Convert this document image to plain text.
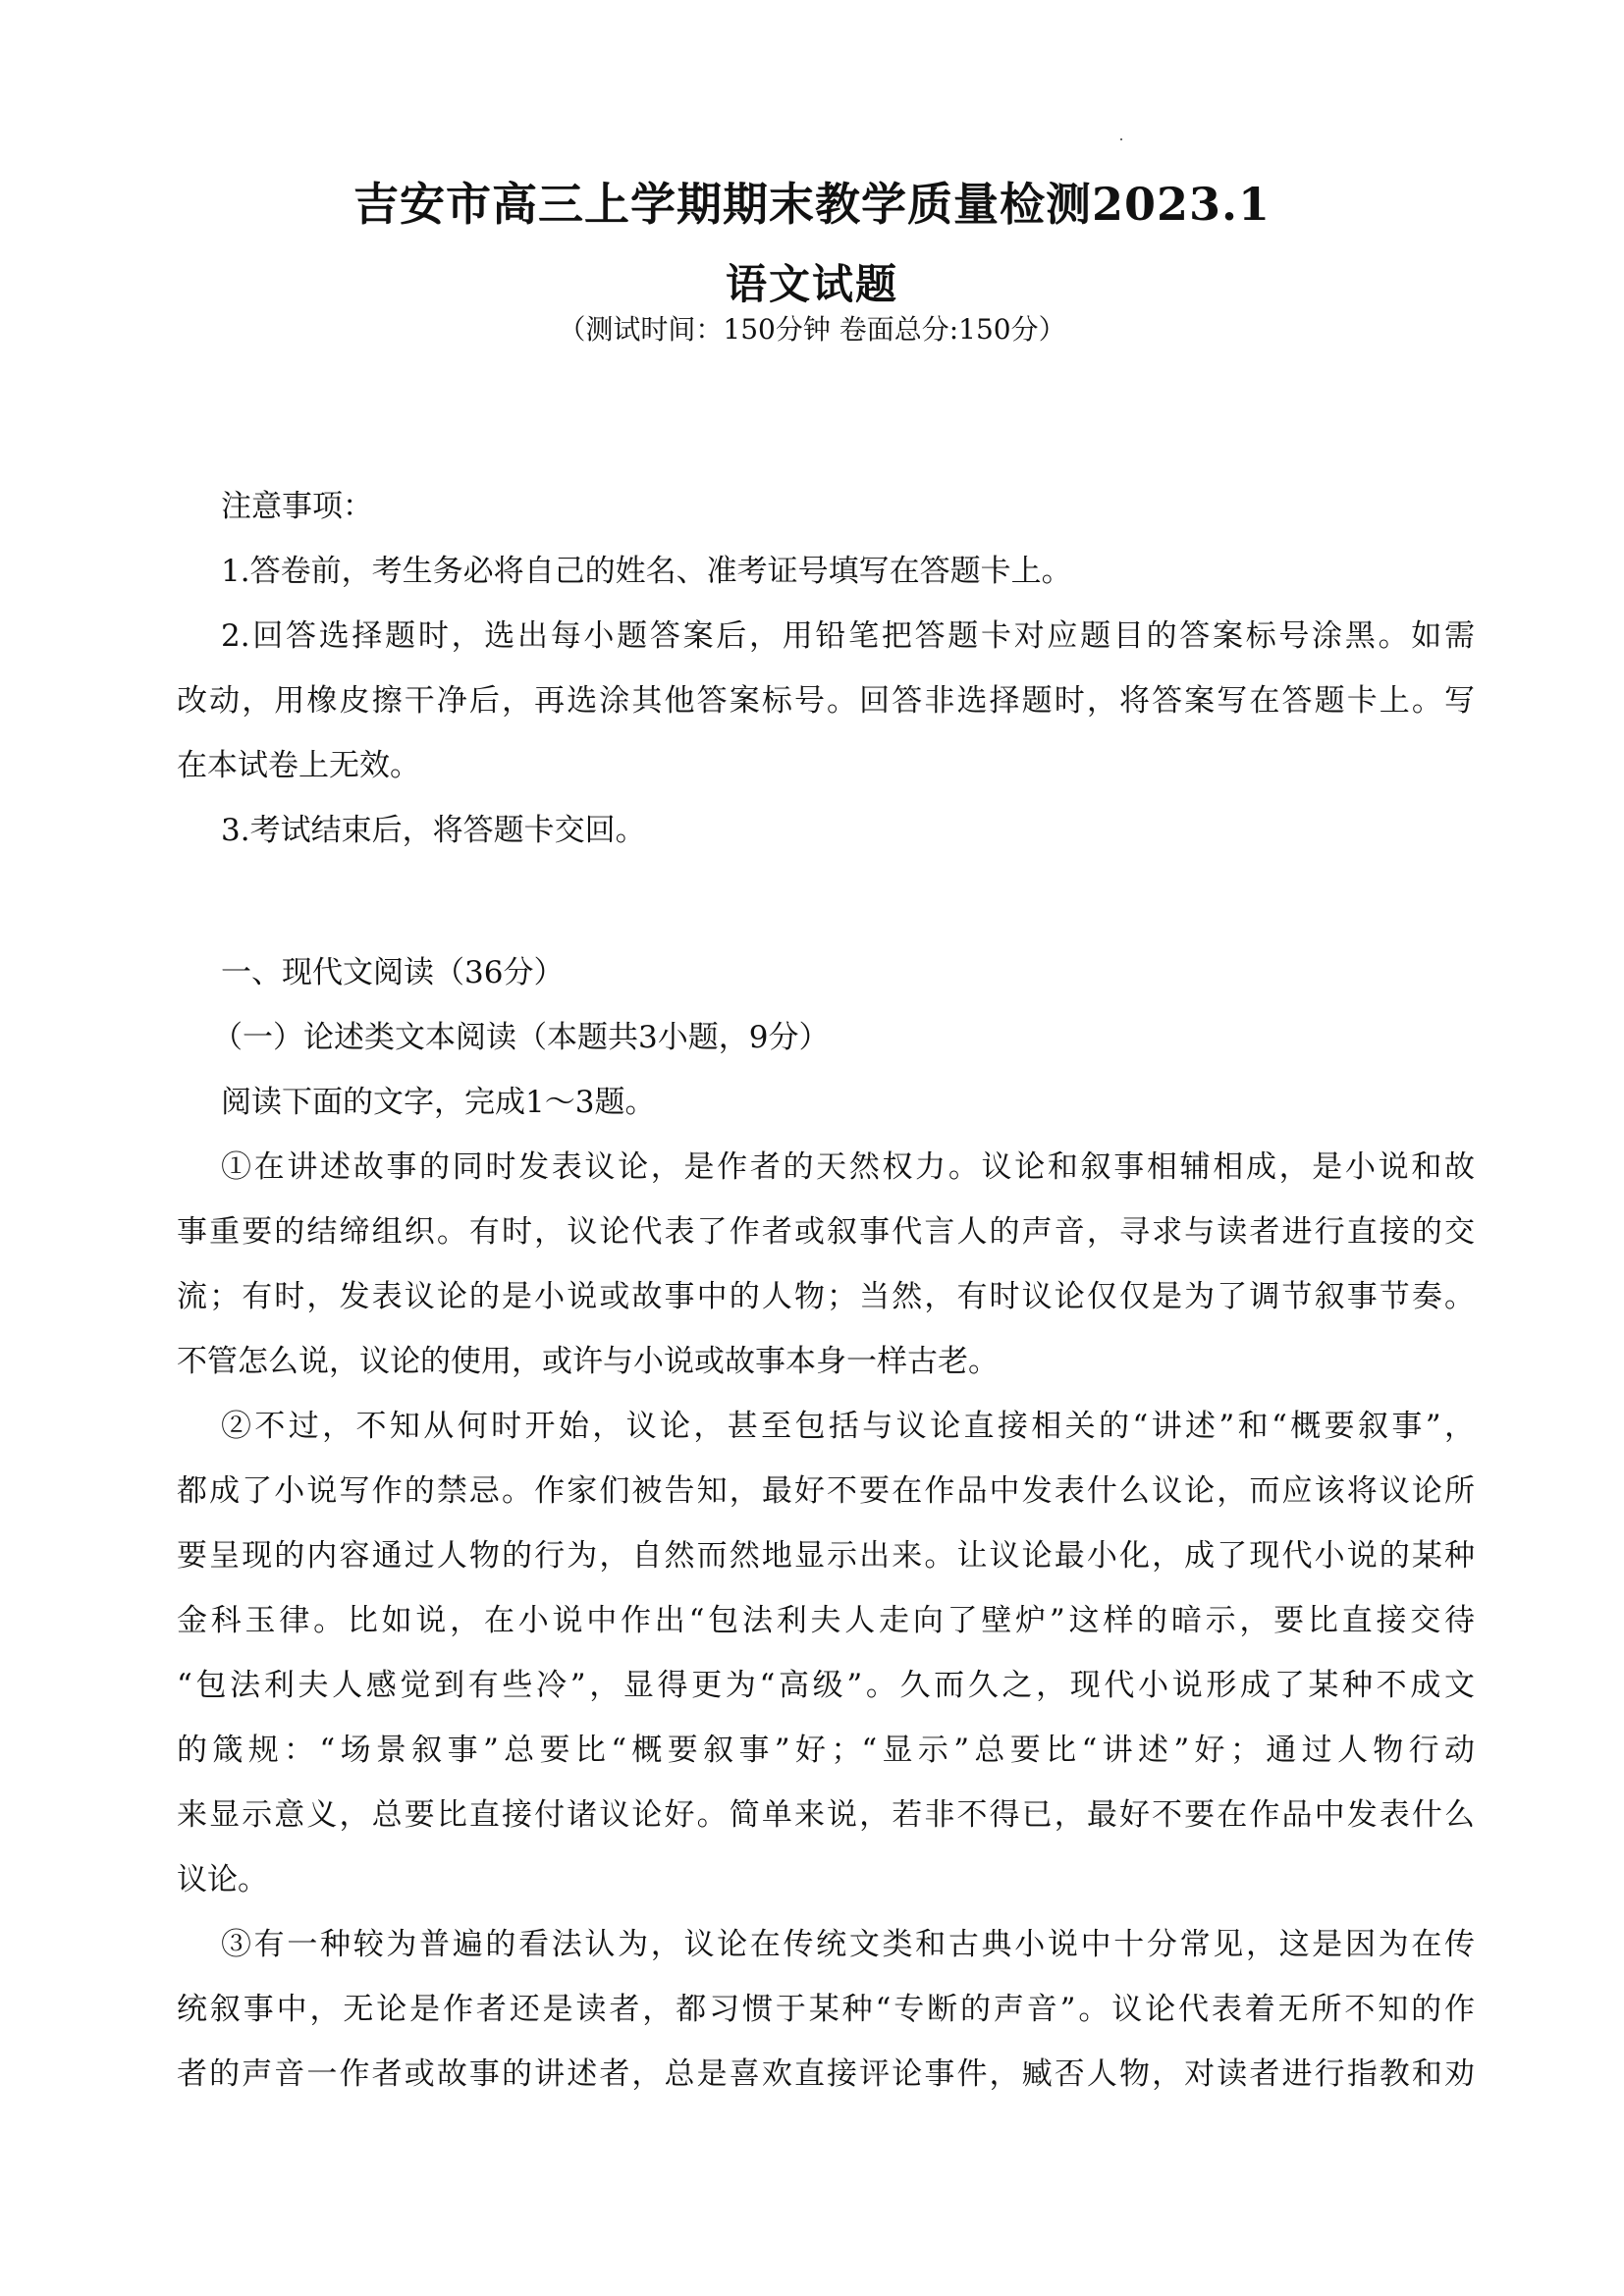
吉安市高三上学期期末教学质量检测2023.1
语文试题
（测试时间：150分钟 卷面总分:150分）
注意事项：
1.答卷前，考生务必将自己的姓名、准考证号填写在答题卡上。
2.回答选择题时，选出每小题答案后，用铅笔把答题卡对应题目的答案标号涂黑。如需
改动，用橡皮擦干净后，再选涂其他答案标号。回答非选择题时，将答案写在答题卡上。写
在本试卷上无效。
3.考试结束后，将答题卡交回。
一、现代文阅读（36分）
（一）论述类文本阅读（本题共3小题，9分）
阅读下面的文字，完成1～3题。
①在讲述故事的同时发表议论，是作者的天然权力。议论和叙事相辅相成，是小说和故
事重要的结缔组织。有时，议论代表了作者或叙事代言人的声音，寻求与读者进行直接的交
流；有时，发表议论的是小说或故事中的人物；当然，有时议论仅仅是为了调节叙事节奏。
不管怎么说，议论的使用，或许与小说或故事本身一样古老。
②不过，不知从何时开始，议论，甚至包括与议论直接相关的“讲述”和“概要叙事”，
都成了小说写作的禁忌。作家们被告知，最好不要在作品中发表什么议论，而应该将议论所
要呈现的内容通过人物的行为，自然而然地显示出来。让议论最小化，成了现代小说的某种
金科玉律。比如说，在小说中作出“包法利夫人走向了壁炉”这样的暗示，要比直接交待
“包法利夫人感觉到有些冷”，显得更为“高级”。久而久之，现代小说形成了某种不成文
的箴规：“场景叙事”总要比“概要叙事”好；“显示”总要比“讲述”好；通过人物行动
来显示意义，总要比直接付诸议论好。简单来说，若非不得已，最好不要在作品中发表什么
议论。
③有一种较为普遍的看法认为，议论在传统文类和古典小说中十分常见，这是因为在传
统叙事中，无论是作者还是读者，都习惯于某种“专断的声音”。议论代表着无所不知的作
者的声音一作者或故事的讲述者，总是喜欢直接评论事件，臧否人物，对读者进行指教和劝
